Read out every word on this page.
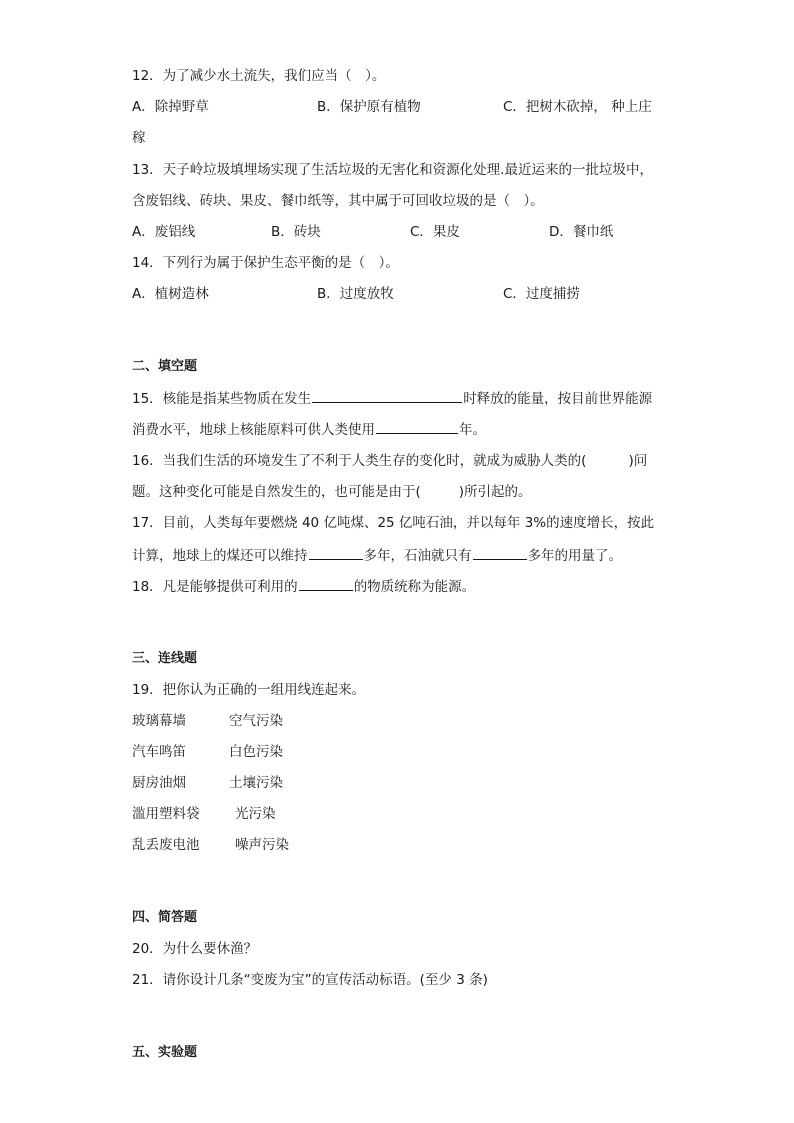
12．为了减少水土流失，我们应当（　）。
A．除掉野草	B．保护原有植物	C．把树木砍掉， 种上庄
稼
13．天子岭垃圾填埋场实现了生活垃圾的无害化和资源化处理.最近运来的一批垃圾中，
含废铝线、砖块、果皮、餐巾纸等，其中属于可回收垃圾的是（　）。
A．废铝线	B．砖块	C．果皮	D．餐巾纸
14．下列行为属于保护生态平衡的是（　）。
A．植树造林	B．过度放牧	C．过度捕捞
二、填空题
15．核能是指某些物质在发生	时释放的能量，按目前世界能源
消费水平，地球上核能原料可供人类使用	年。
16．当我们生活的环境发生了不利于人类生存的变化时，就成为威胁人类的(	)问
题。这种变化可能是自然发生的，也可能是由于(	)所引起的。
17．目前，人类每年要燃烧 40 亿吨煤、25 亿吨石油，并以每年 3%的速度增长，按此
计算，地球上的煤还可以维持	多年，石油就只有	多年的用量了。
18．凡是能够提供可利用的	的物质统称为能源。
三、连线题
19．把你认为正确的一组用线连起来。
玻璃幕墙	空气污染
汽车鸣笛	白色污染
厨房油烟	土壤污染
滥用塑料袋	光污染
乱丢废电池	噪声污染
四、简答题
20．为什么要休渔？
21．请你设计几条“变废为宝”的宣传活动标语。(至少 3 条)
五、实验题
